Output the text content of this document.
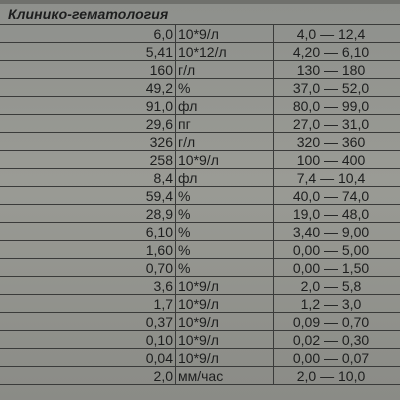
Клинико-гематология
6,0 10*9/л	4,0 — 12,4
5,41 10*12/л	4,20 — 6,10
160 г/л	130 — 180
49,2 %	37,0 — 52,0
91,0 фл	80,0 — 99,0
29,6 пг	27,0 — 31,0
326 г/л	320 — 360
258 10*9/л	100 — 400
8,4 фл	7,4 — 10,4
59,4 %	40,0 — 74,0
28,9 %	19,0 — 48,0
6,10 %	3,40 — 9,00
1,60 %	0,00 — 5,00
0,70 %	0,00 — 1,50
3,6 10*9/л	2,0 — 5,8
1,7 10*9/л	1,2 — 3,0
0,37 10*9/л	0,09 — 0,70
0,10 10*9/л	0,02 — 0,30
0,04 10*9/л	0,00 — 0,07
2,0 мм/час	2,0 — 10,0
